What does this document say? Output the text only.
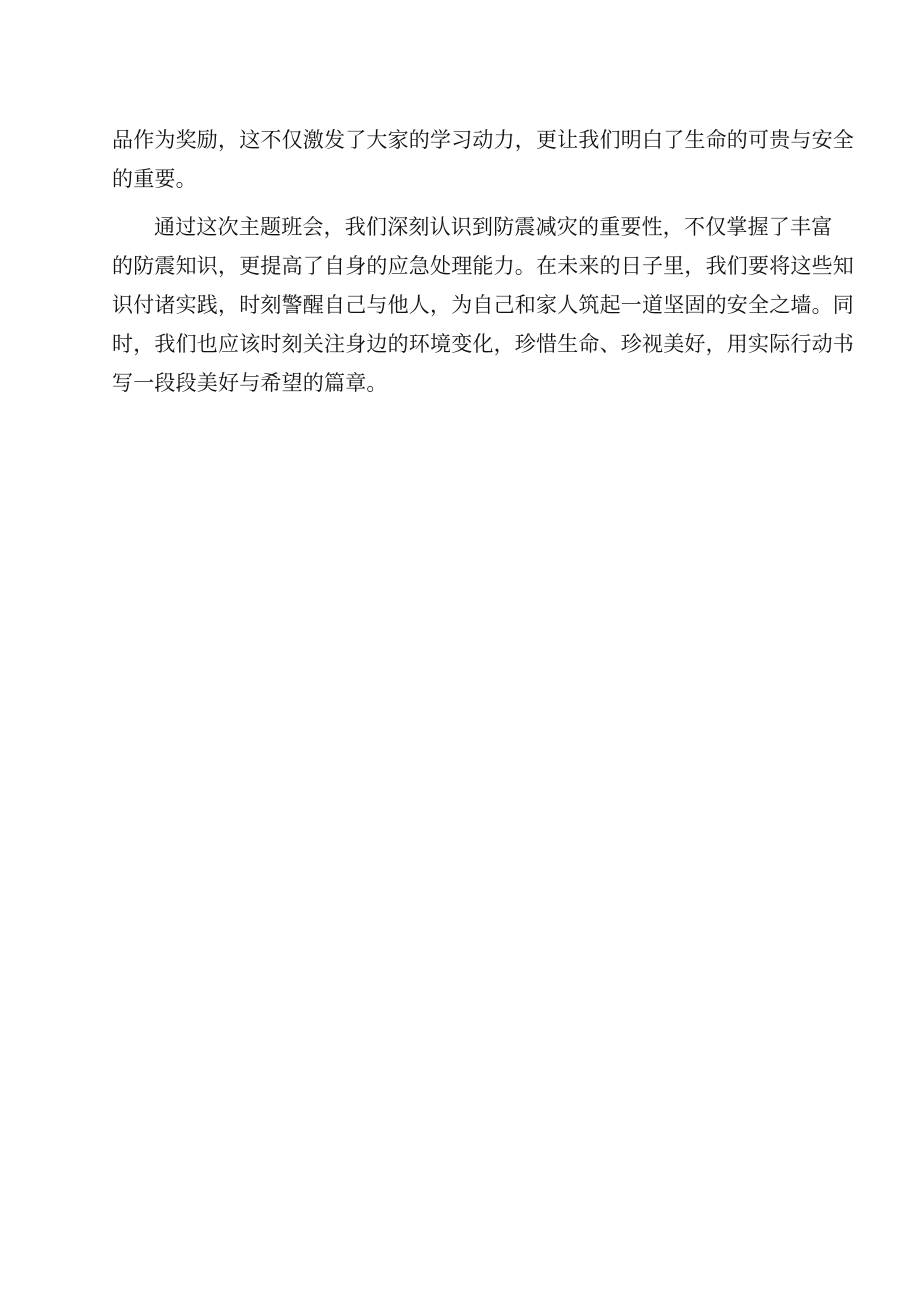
品作为奖励，这不仅激发了大家的学习动力，更让我们明白了生命的可贵与安全
的重要。

通过这次主题班会，我们深刻认识到防震减灾的重要性，不仅掌握了丰富
的防震知识，更提高了自身的应急处理能力。在未来的日子里，我们要将这些知
识付诸实践，时刻警醒自己与他人，为自己和家人筑起一道坚固的安全之墙。同
时，我们也应该时刻关注身边的环境变化，珍惜生命、珍视美好，用实际行动书
写一段段美好与希望的篇章。
